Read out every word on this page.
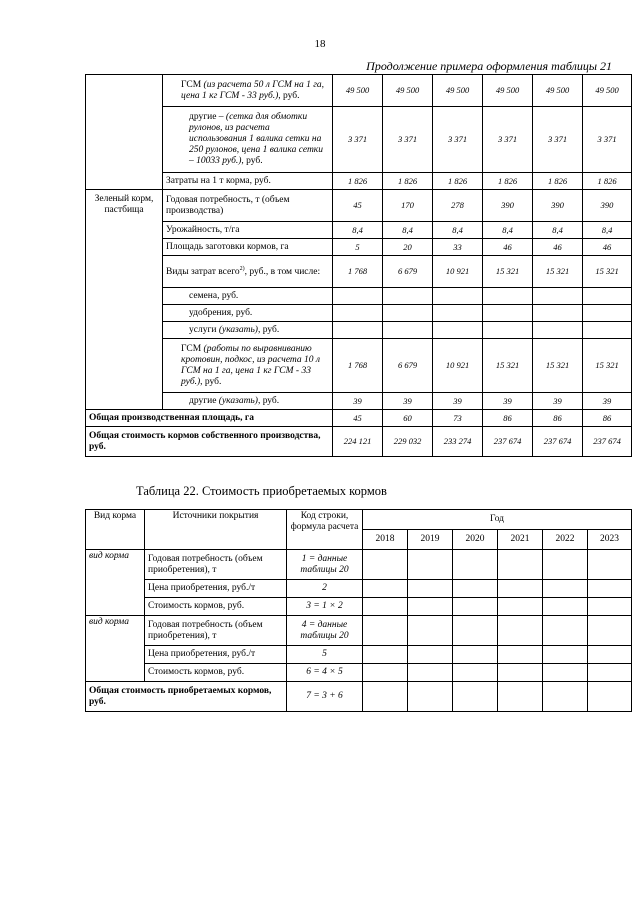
18
Продолжение примера оформления таблицы 21
	ГСМ (из расчета 50 л ГСМ на 1 га, цена 1 кг ГСМ - 33 руб.), руб.	49 500	49 500	49 500	49 500	49 500	49 500
	другие – (сетка для обмотки рулонов, из расчета использования 1 валика сетки на 250 рулонов, цена 1 валика сетки – 10033 руб.), руб.	3 371	3 371	3 371	3 371	3 371	3 371
	Затраты на 1 т корма, руб.	1 826	1 826	1 826	1 826	1 826	1 826
Зеленый корм, пастбища	Годовая потребность, т (объем производства)	45	170	278	390	390	390
	Урожайность, т/га	8,4	8,4	8,4	8,4	8,4	8,4
	Площадь заготовки кормов, га	5	20	33	46	46	46
	Виды затрат всего$^{2)}$, руб., в том числе:	1 768	6 679	10 921	15 321	15 321	15 321
	семена, руб.						
	удобрения, руб.						
	услуги (указать), руб.						
	ГСМ (работы по выравниванию кротовин, подкос, из расчета 10 л ГСМ на 1 га, цена 1 кг ГСМ - 33 руб.), руб.	1 768	6 679	10 921	15 321	15 321	15 321
	другие (указать), руб.	39	39	39	39	39	39
Общая производственная площадь, га		45	60	73	86	86	86
Общая стоимость кормов собственного производства, руб.		224 121	229 032	233 274	237 674	237 674	237 674
Таблица 22. Стоимость приобретаемых кормов
Вид корма	Источники покрытия	Код строки, формула расчета	Год					
			2018	2019	2020	2021	2022	2023
вид корма	Годовая потребность (объем приобретения), т	1 = данные таблицы 20						
	Цена приобретения, руб./т	2						
	Стоимость кормов, руб.	3 = 1 × 2						
вид корма	Годовая потребность (объем приобретения), т	4 = данные таблицы 20						
	Цена приобретения, руб./т	5						
	Стоимость кормов, руб.	6 = 4 × 5						
Общая стоимость приобретаемых кормов, руб.		7 = 3 + 6						
